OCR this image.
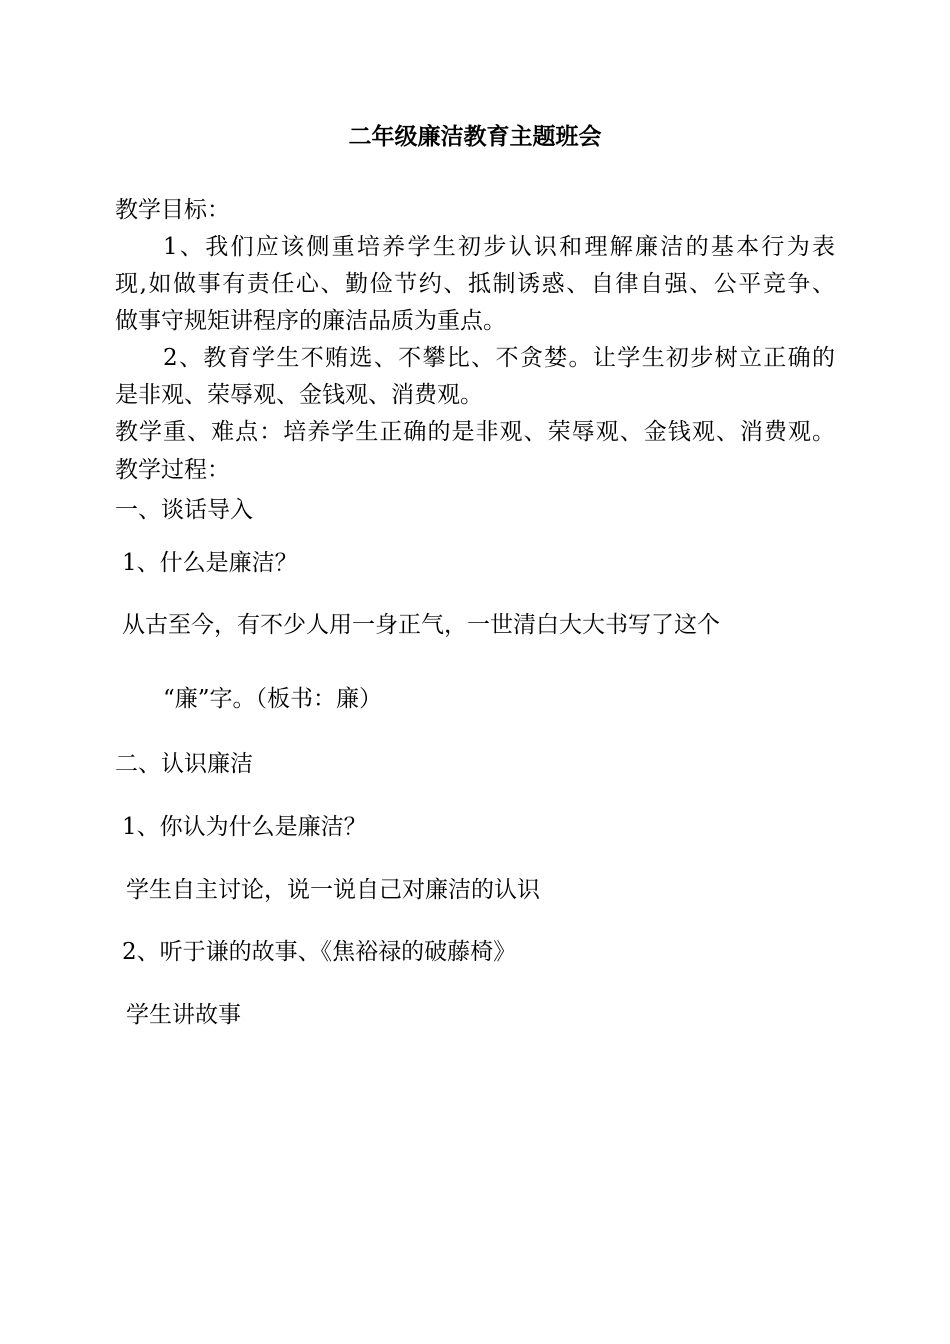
二年级廉洁教育主题班会

教学目标：

1、我们应该侧重培养学生初步认识和理解廉洁的基本行为表

现,如做事有责任心、勤俭节约、抵制诱惑、自律自强、公平竞争、

做事守规矩讲程序的廉洁品质为重点。

2、教育学生不贿选、不攀比、不贪婪。让学生初步树立正确的

是非观、荣辱观、金钱观、消费观。

教学重、难点：培养学生正确的是非观、荣辱观、金钱观、消费观。

教学过程：

一、谈话导入

1、什么是廉洁？

从古至今，有不少人用一身正气，一世清白大大书写了这个

“廉”字。（板书：廉）

二、认识廉洁

1、你认为什么是廉洁？

学生自主讨论，说一说自己对廉洁的认识

2、听于谦的故事、《焦裕禄的破藤椅》

学生讲故事
